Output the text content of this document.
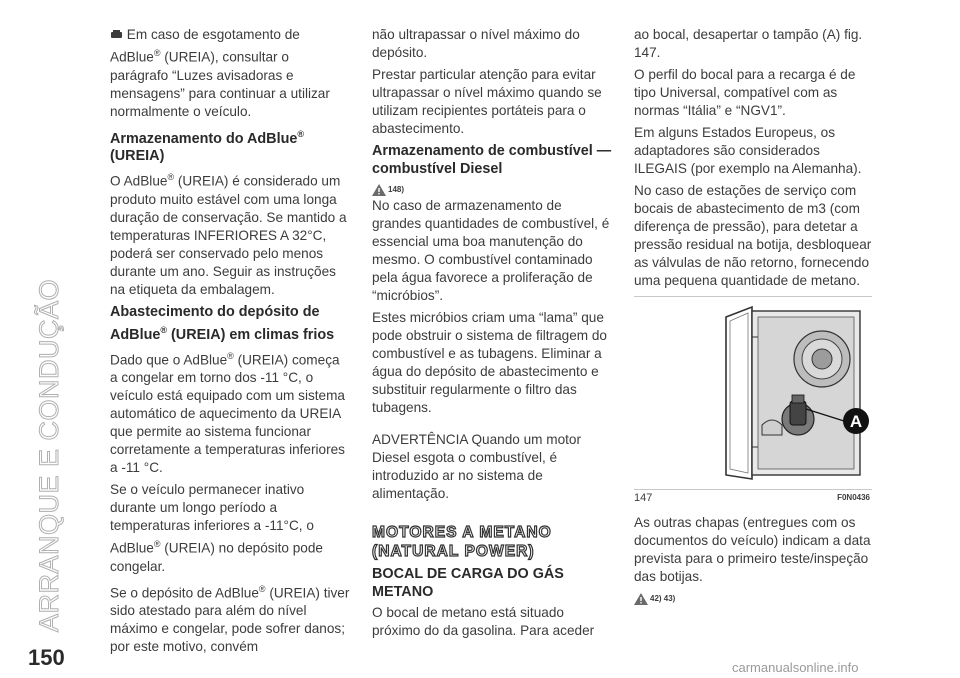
ARRANQUE E CONDUÇÃO

Em caso de esgotamento de AdBlue® (UREIA), consultar o parágrafo “Luzes avisadoras e mensagens” para continuar a utilizar normalmente o veículo.

Armazenamento do AdBlue®
(UREIA)

O AdBlue® (UREIA) é considerado um produto muito estável com uma longa duração de conservação. Se mantido a temperaturas INFERIORES A 32°C, poderá ser conservado pelo menos durante um ano. Seguir as instruções na etiqueta da embalagem.

Abastecimento do depósito de AdBlue® (UREIA) em climas frios

Dado que o AdBlue® (UREIA) começa a congelar em torno dos -11 °C, o veículo está equipado com um sistema automático de aquecimento da UREIA que permite ao sistema funcionar corretamente a temperaturas inferiores a -11 °C.

Se o veículo permanecer inativo durante um longo período a temperaturas inferiores a -11°C, o AdBlue® (UREIA) no depósito pode congelar.

Se o depósito de AdBlue® (UREIA) tiver sido atestado para além do nível máximo e congelar, pode sofrer danos; por este motivo, convém

não ultrapassar o nível máximo do depósito.

Prestar particular atenção para evitar ultrapassar o nível máximo quando se utilizam recipientes portáteis para o abastecimento.

Armazenamento de combustível — combustível Diesel
148)

No caso de armazenamento de grandes quantidades de combustível, é essencial uma boa manutenção do mesmo. O combustível contaminado pela água favorece a proliferação de “micróbios”.

Estes micróbios criam uma “lama” que pode obstruir o sistema de filtragem do combustível e as tubagens. Eliminar a água do depósito de abastecimento e substituir regularmente o filtro das tubagens.

ADVERTÊNCIA Quando um motor Diesel esgota o combustível, é introduzido ar no sistema de alimentação.

MOTORES A METANO
(NATURAL POWER)
BOCAL DE CARGA DO GÁS METANO

O bocal de metano está situado próximo do da gasolina. Para aceder

ao bocal, desapertar o tampão (A) fig. 147.

O perfil do bocal para a recarga é de tipo Universal, compatível com as normas “Itália” e “NGV1”.

Em alguns Estados Europeus, os adaptadores são considerados ILEGAIS (por exemplo na Alemanha).

No caso de estações de serviço com bocais de abastecimento de m3 (com diferença de pressão), para detetar a pressão residual na botija, desbloquear as válvulas de não retorno, fornecendo uma pequena quantidade de metano.

A
147	F0N0436

As outras chapas (entregues com os documentos do veículo) indicam a data prevista para o primeiro teste/inspeção das botijas.

42) 43)
150	carmanualsonline.info
